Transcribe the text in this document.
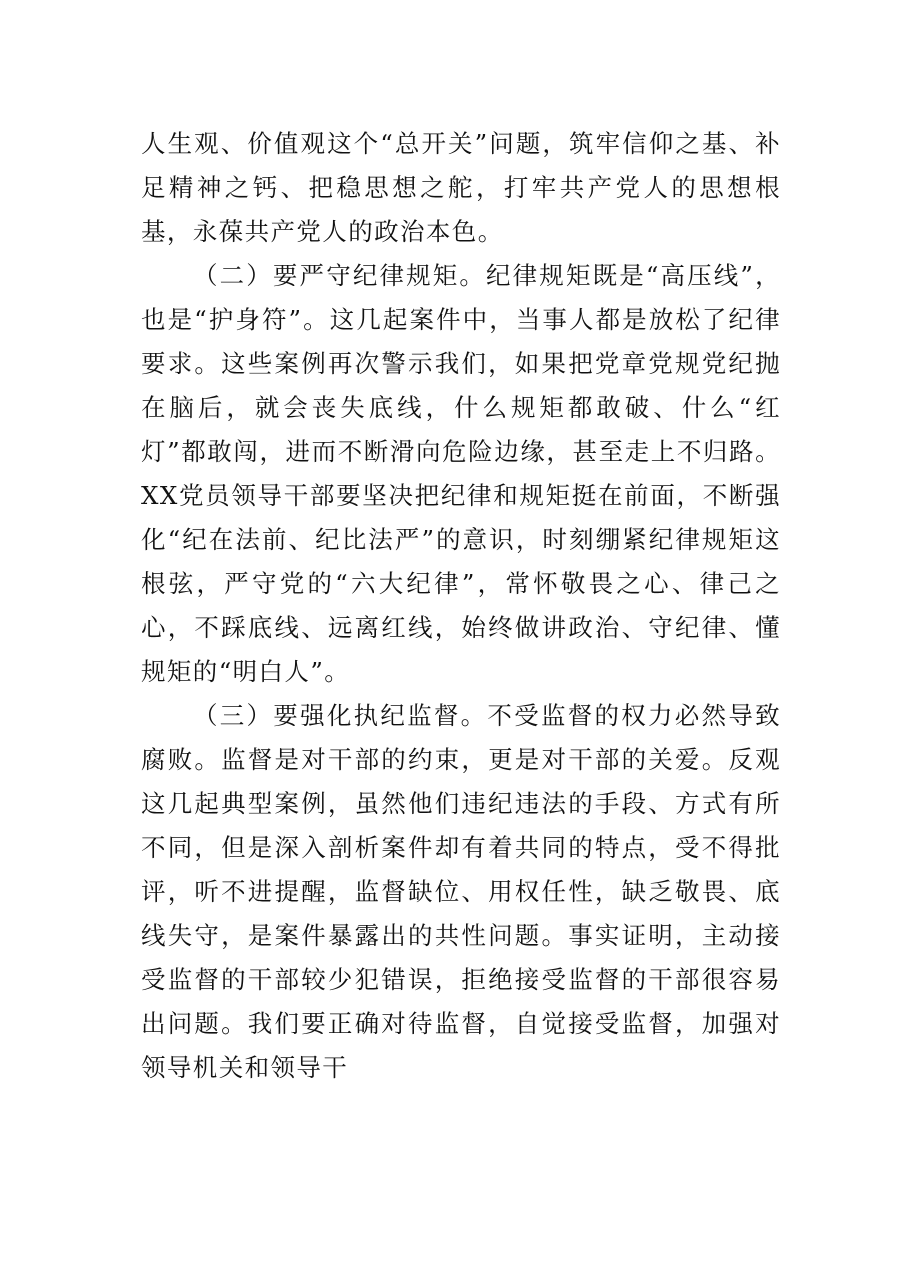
人生观、价值观这个“总开关”问题，筑牢信仰之基、补足精神之钙、把稳思想之舵，打牢共产党人的思想根基，永葆共产党人的政治本色。

（二）要严守纪律规矩。纪律规矩既是“高压线”，也是“护身符”。这几起案件中，当事人都是放松了纪律要求。这些案例再次警示我们，如果把党章党规党纪抛在脑后，就会丧失底线，什么规矩都敢破、什么“红灯”都敢闯，进而不断滑向危险边缘，甚至走上不归路。XX党员领导干部要坚决把纪律和规矩挺在前面，不断强化“纪在法前、纪比法严”的意识，时刻绷紧纪律规矩这根弦，严守党的“六大纪律”，常怀敬畏之心、律己之心，不踩底线、远离红线，始终做讲政治、守纪律、懂规矩的“明白人”。

（三）要强化执纪监督。不受监督的权力必然导致腐败。监督是对干部的约束，更是对干部的关爱。反观这几起典型案例，虽然他们违纪违法的手段、方式有所不同，但是深入剖析案件却有着共同的特点，受不得批评，听不进提醒，监督缺位、用权任性，缺乏敬畏、底线失守，是案件暴露出的共性问题。事实证明，主动接受监督的干部较少犯错误，拒绝接受监督的干部很容易出问题。我们要正确对待监督，自觉接受监督，加强对领导机关和领导干
